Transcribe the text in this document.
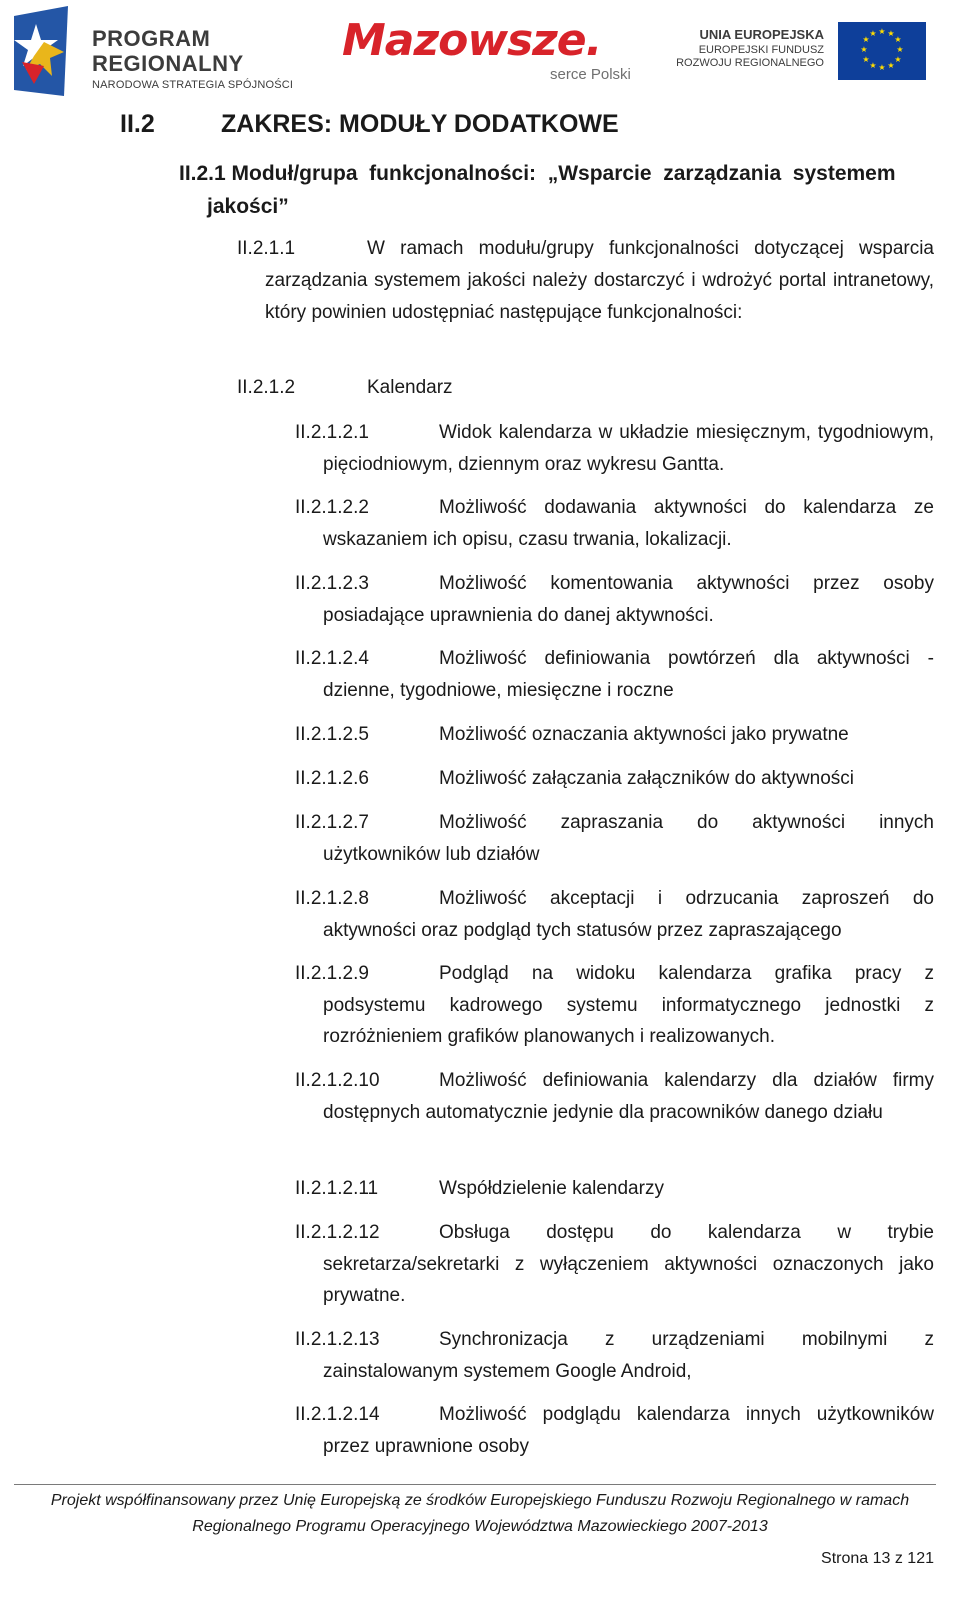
PROGRAM
REGIONALNY
NARODOWA STRATEGIA SPÓJNOŚCI
Mazowsze.
serce Polski
UNIA EUROPEJSKA
EUROPEJSKI FUNDUSZ
ROZWOJU REGIONALNEGO
★ ★
★
★
★
★
★
★
★
★
★
★
II.2	ZAKRES: MODUŁY DODATKOWE
II.2.1 Moduł/grupa  funkcjonalności:  „Wsparcie  zarządzania  systemem
jakości”
II.2.1.1	W ramach modułu/grupy funkcjonalności dotyczącej wsparcia zarządzania systemem jakości należy dostarczyć i wdrożyć portal intranetowy, który powinien udostępniać następujące funkcjonalności:
II.2.1.2	Kalendarz
II.2.1.2.1	Widok kalendarza w układzie miesięcznym, tygodniowym, pięciodniowym, dziennym oraz wykresu Gantta.
II.2.1.2.2	Możliwość dodawania aktywności do kalendarza ze wskazaniem ich opisu, czasu trwania, lokalizacji.
II.2.1.2.3	Możliwość komentowania aktywności przez osoby posiadające uprawnienia do danej aktywności.
II.2.1.2.4	Możliwość definiowania powtórzeń dla aktywności - dzienne, tygodniowe, miesięczne i roczne
II.2.1.2.5	Możliwość oznaczania aktywności jako prywatne
II.2.1.2.6	Możliwość załączania załączników do aktywności
II.2.1.2.7	Możliwość zapraszania do aktywności innych użytkowników lub działów
II.2.1.2.8	Możliwość akceptacji i odrzucania zaproszeń do aktywności oraz podgląd tych statusów przez zapraszającego
II.2.1.2.9	Podgląd na widoku kalendarza grafika pracy z podsystemu kadrowego systemu informatycznego jednostki z rozróżnieniem grafików planowanych i realizowanych.
II.2.1.2.10	Możliwość definiowania kalendarzy dla działów firmy dostępnych automatycznie jedynie dla pracowników danego działu
II.2.1.2.11	Współdzielenie kalendarzy
II.2.1.2.12	Obsługa dostępu do kalendarza w trybie sekretarza/sekretarki z wyłączeniem aktywności oznaczonych jako prywatne.
II.2.1.2.13	Synchronizacja z urządzeniami mobilnymi z zainstalowanym systemem Google Android,
II.2.1.2.14	Możliwość podglądu kalendarza innych użytkowników przez uprawnione osoby
Projekt współfinansowany przez Unię Europejską ze środków Europejskiego Funduszu Rozwoju Regionalnego w ramach
Regionalnego Programu Operacyjnego Województwa Mazowieckiego 2007-2013
Strona 13 z 121
